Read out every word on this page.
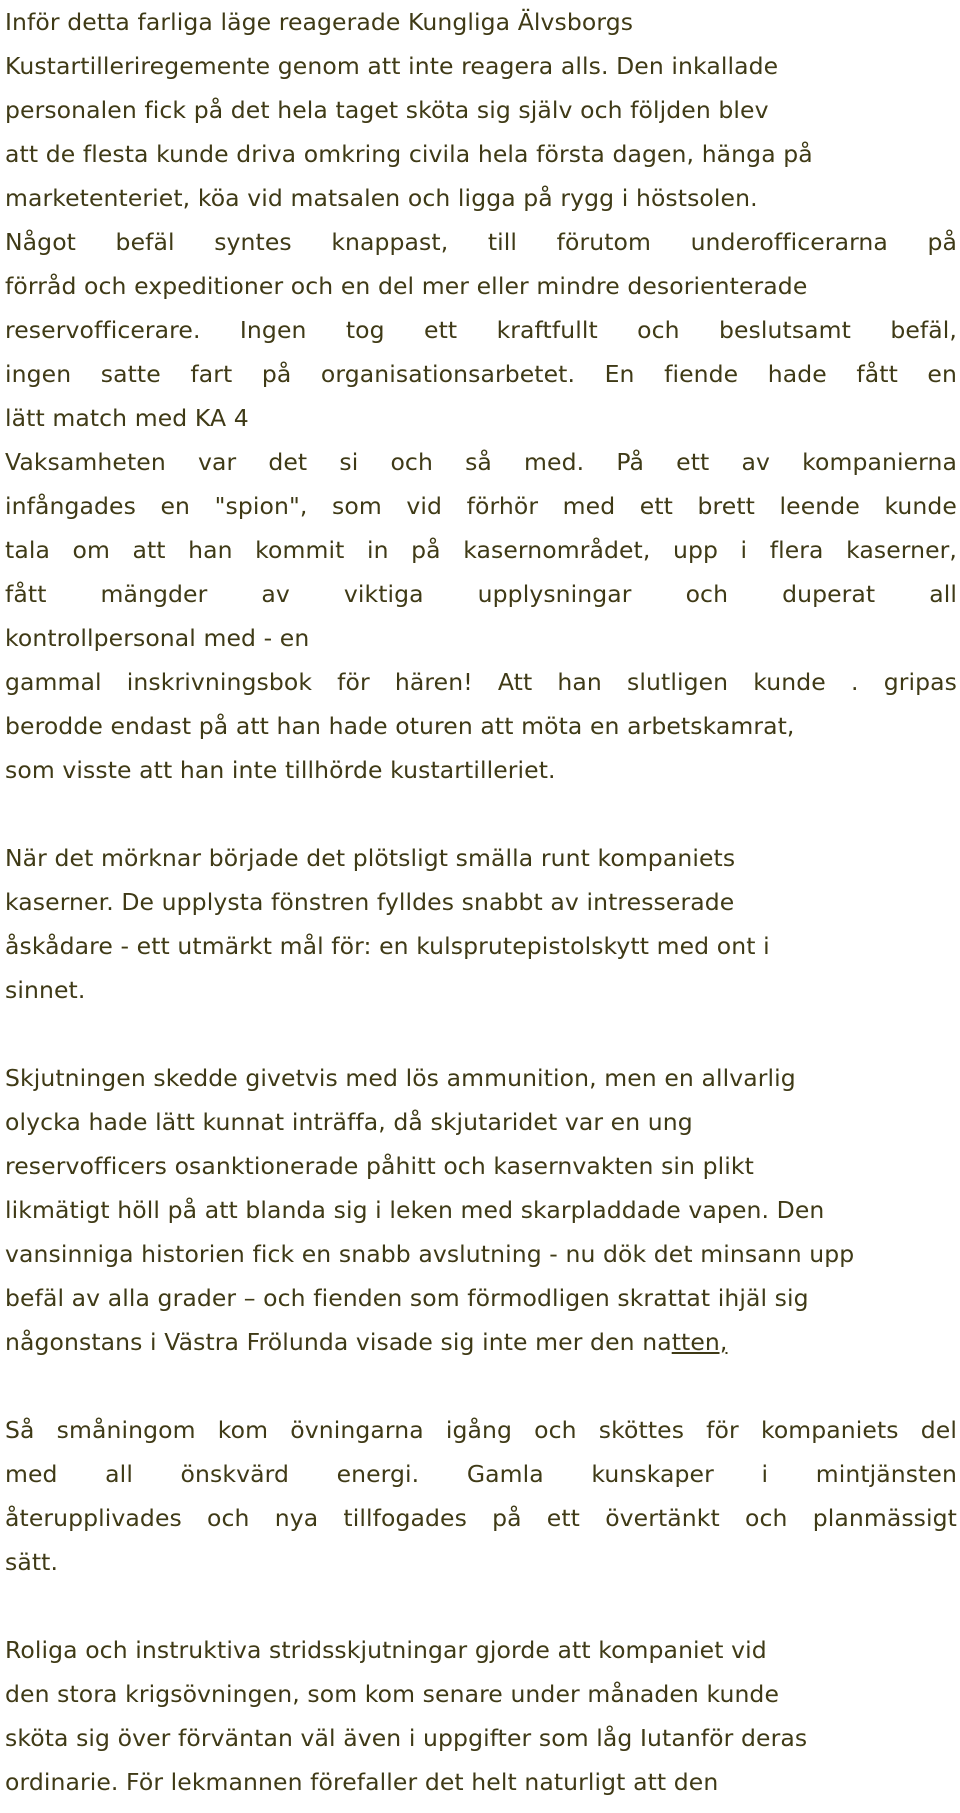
Inför detta farliga läge reagerade Kungliga Älvsborgs
Kustartilleriregemente genom att inte reagera alls. Den inkallade
personalen fick på det hela taget sköta sig själv och följden blev
att de flesta kunde driva omkring civila hela första dagen, hänga på
marketenteriet, köa vid matsalen och ligga på rygg i höstsolen.
Något befäl syntes knappast, till förutom underofficerarna på
förråd och expeditioner och en del mer eller mindre desorienterade
reservofficerare. Ingen tog ett kraftfullt och beslutsamt befäl,
ingen satte fart på organisationsarbetet. En fiende hade fått en
lätt match med KA 4
Vaksamheten var det si och så med. På ett av kompanierna
infångades en "spion", som vid förhör med ett brett leende kunde
tala om att han kommit in på kasernområdet, upp i flera kaserner,
fått mängder av viktiga upplysningar och duperat all
kontrollpersonal med - en
gammal inskrivningsbok för hären! Att han slutligen kunde . gripas
berodde endast på att han hade oturen att möta en arbetskamrat,
som visste att han inte tillhörde kustartilleriet.
När det mörknar började det plötsligt smälla runt kompaniets
kaserner. De upplysta fönstren fylldes snabbt av intresserade
åskådare - ett utmärkt mål för: en kulsprutepistolskytt med ont i
sinnet.
Skjutningen skedde givetvis med lös ammunition, men en allvarlig
olycka hade lätt kunnat inträffa, då skjutaridet var en ung
reservofficers osanktionerade påhitt och kasernvakten sin plikt
likmätigt höll på att blanda sig i leken med skarpladdade vapen. Den
vansinniga historien fick en snabb avslutning - nu dök det minsann upp
befäl av alla grader – och fienden som förmodligen skrattat ihjäl sig
någonstans i Västra Frölunda visade sig inte mer den natten,
Så småningom kom övningarna igång och sköttes för kompaniets del
med all önskvärd energi. Gamla kunskaper i mintjänsten
återupplivades och nya tillfogades på ett övertänkt och planmässigt
sätt.
Roliga och instruktiva stridsskjutningar gjorde att kompaniet vid
den stora krigsövningen, som kom senare under månaden kunde
sköta sig över förväntan väl även i uppgifter som låg Iutanför deras
ordinarie. För lekmannen förefaller det helt naturligt att den
